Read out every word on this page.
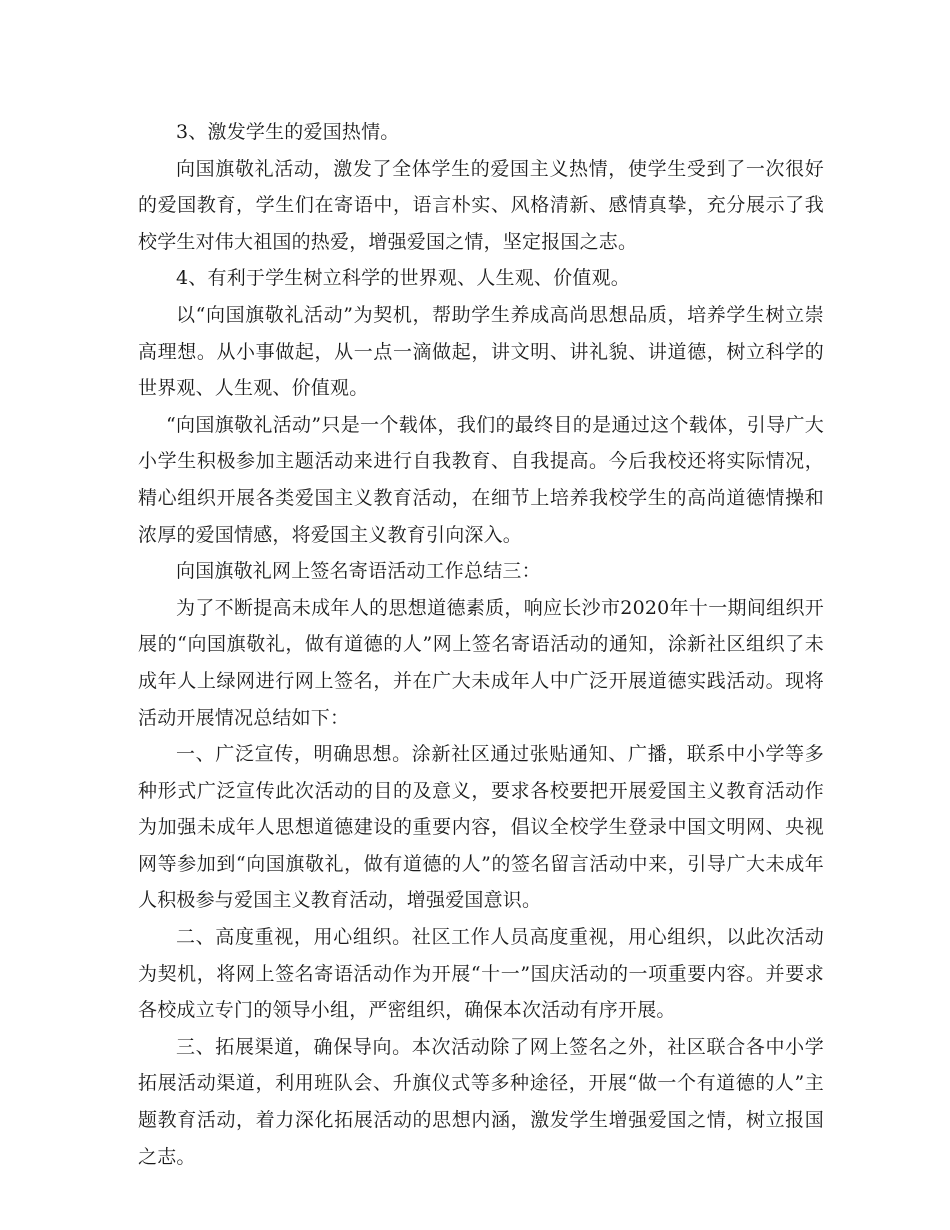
3、激发学生的爱国热情。

向国旗敬礼活动，激发了全体学生的爱国主义热情，使学生受到了一次很好的爱国教育，学生们在寄语中，语言朴实、风格清新、感情真挚，充分展示了我校学生对伟大祖国的热爱，增强爱国之情，坚定报国之志。

4、有利于学生树立科学的世界观、人生观、价值观。

以“向国旗敬礼活动”为契机，帮助学生养成高尚思想品质，培养学生树立崇高理想。从小事做起，从一点一滴做起，讲文明、讲礼貌、讲道德，树立科学的世界观、人生观、价值观。

“向国旗敬礼活动”只是一个载体，我们的最终目的是通过这个载体，引导广大小学生积极参加主题活动来进行自我教育、自我提高。今后我校还将实际情况，精心组织开展各类爱国主义教育活动，在细节上培养我校学生的高尚道德情操和浓厚的爱国情感，将爱国主义教育引向深入。

向国旗敬礼网上签名寄语活动工作总结三：

为了不断提高未成年人的思想道德素质，响应长沙市2020年十一期间组织开展的“向国旗敬礼，做有道德的人”网上签名寄语活动的通知，涂新社区组织了未成年人上绿网进行网上签名，并在广大未成年人中广泛开展道德实践活动。现将活动开展情况总结如下：

一、广泛宣传，明确思想。涂新社区通过张贴通知、广播，联系中小学等多种形式广泛宣传此次活动的目的及意义，要求各校要把开展爱国主义教育活动作为加强未成年人思想道德建设的重要内容，倡议全校学生登录中国文明网、央视网等参加到“向国旗敬礼，做有道德的人”的签名留言活动中来，引导广大未成年人积极参与爱国主义教育活动，增强爱国意识。

二、高度重视，用心组织。社区工作人员高度重视，用心组织，以此次活动为契机，将网上签名寄语活动作为开展“十一”国庆活动的一项重要内容。并要求各校成立专门的领导小组，严密组织，确保本次活动有序开展。

三、拓展渠道，确保导向。本次活动除了网上签名之外，社区联合各中小学拓展活动渠道，利用班队会、升旗仪式等多种途径，开展“做一个有道德的人”主题教育活动，着力深化拓展活动的思想内涵，激发学生增强爱国之情，树立报国之志。
